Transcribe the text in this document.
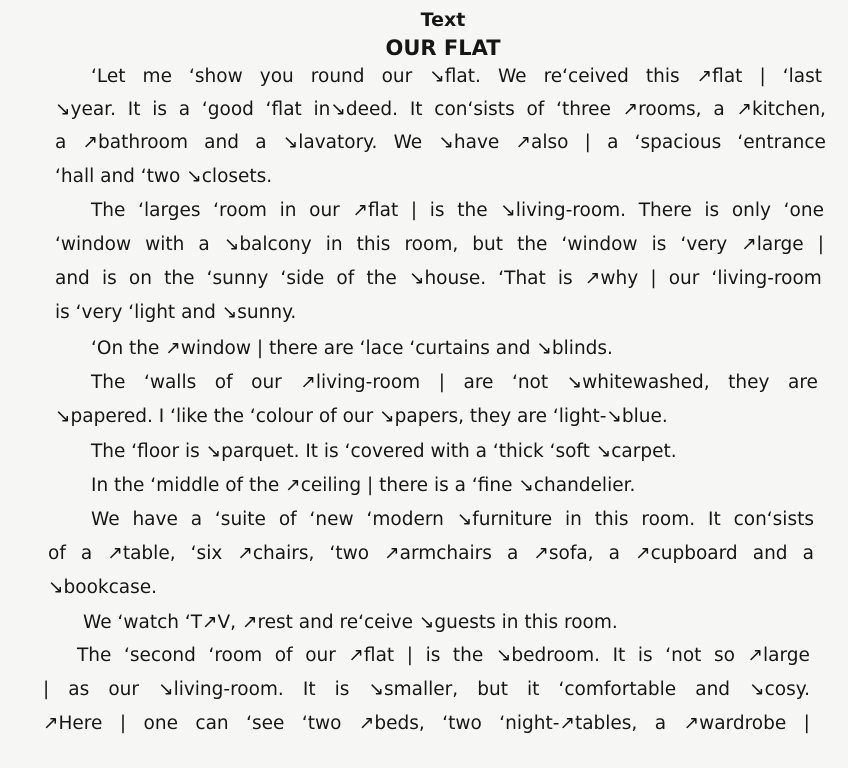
Text
OUR FLAT

‘Let me ‘show you round our ↘flat. We re‘ceived this ↗flat | ‘last

↘year. It is a ‘good ‘flat in↘deed. It con‘sists of ‘three ↗rooms, a ↗kitchen,

a ↗bathroom and a ↘lavatory. We ↘have ↗also | a ‘spacious ‘entrance

‘hall and ‘two ↘closets.

The ‘larges ‘room in our ↗flat | is the ↘living-room. There is only ‘one

‘window with a ↘balcony in this room, but the ‘window is ‘very ↗large |

and is on the ‘sunny ‘side of the ↘house. ‘That is ↗why | our ‘living-room

is ‘very ‘light and ↘sunny.

‘On the ↗window | there are ‘lace ‘curtains and ↘blinds.

The ‘walls of our ↗living-room | are ‘not ↘whitewashed, they are

↘papered. I ‘like the ‘colour of our ↘papers, they are ‘light-↘blue.

The ‘floor is ↘parquet. It is ‘covered with a ‘thick ‘soft ↘carpet.

In the ‘middle of the ↗ceiling | there is a ‘fine ↘chandelier.

We have a ‘suite of ‘new ‘modern ↘furniture in this room. It con‘sists

of a ↗table, ‘six ↗chairs, ‘two ↗armchairs a ↗sofa, a ↗cupboard and a

↘bookcase.

We ‘watch ‘T↗V, ↗rest and re‘ceive ↘guests in this room.

The ‘second ‘room of our ↗flat | is the ↘bedroom. It is ‘not so ↗large

| as our ↘living-room. It is ↘smaller, but it ‘comfortable and ↘cosy.

↗Here | one can ‘see ‘two ↗beds, ‘two ‘night-↗tables, a ↗wardrobe |
